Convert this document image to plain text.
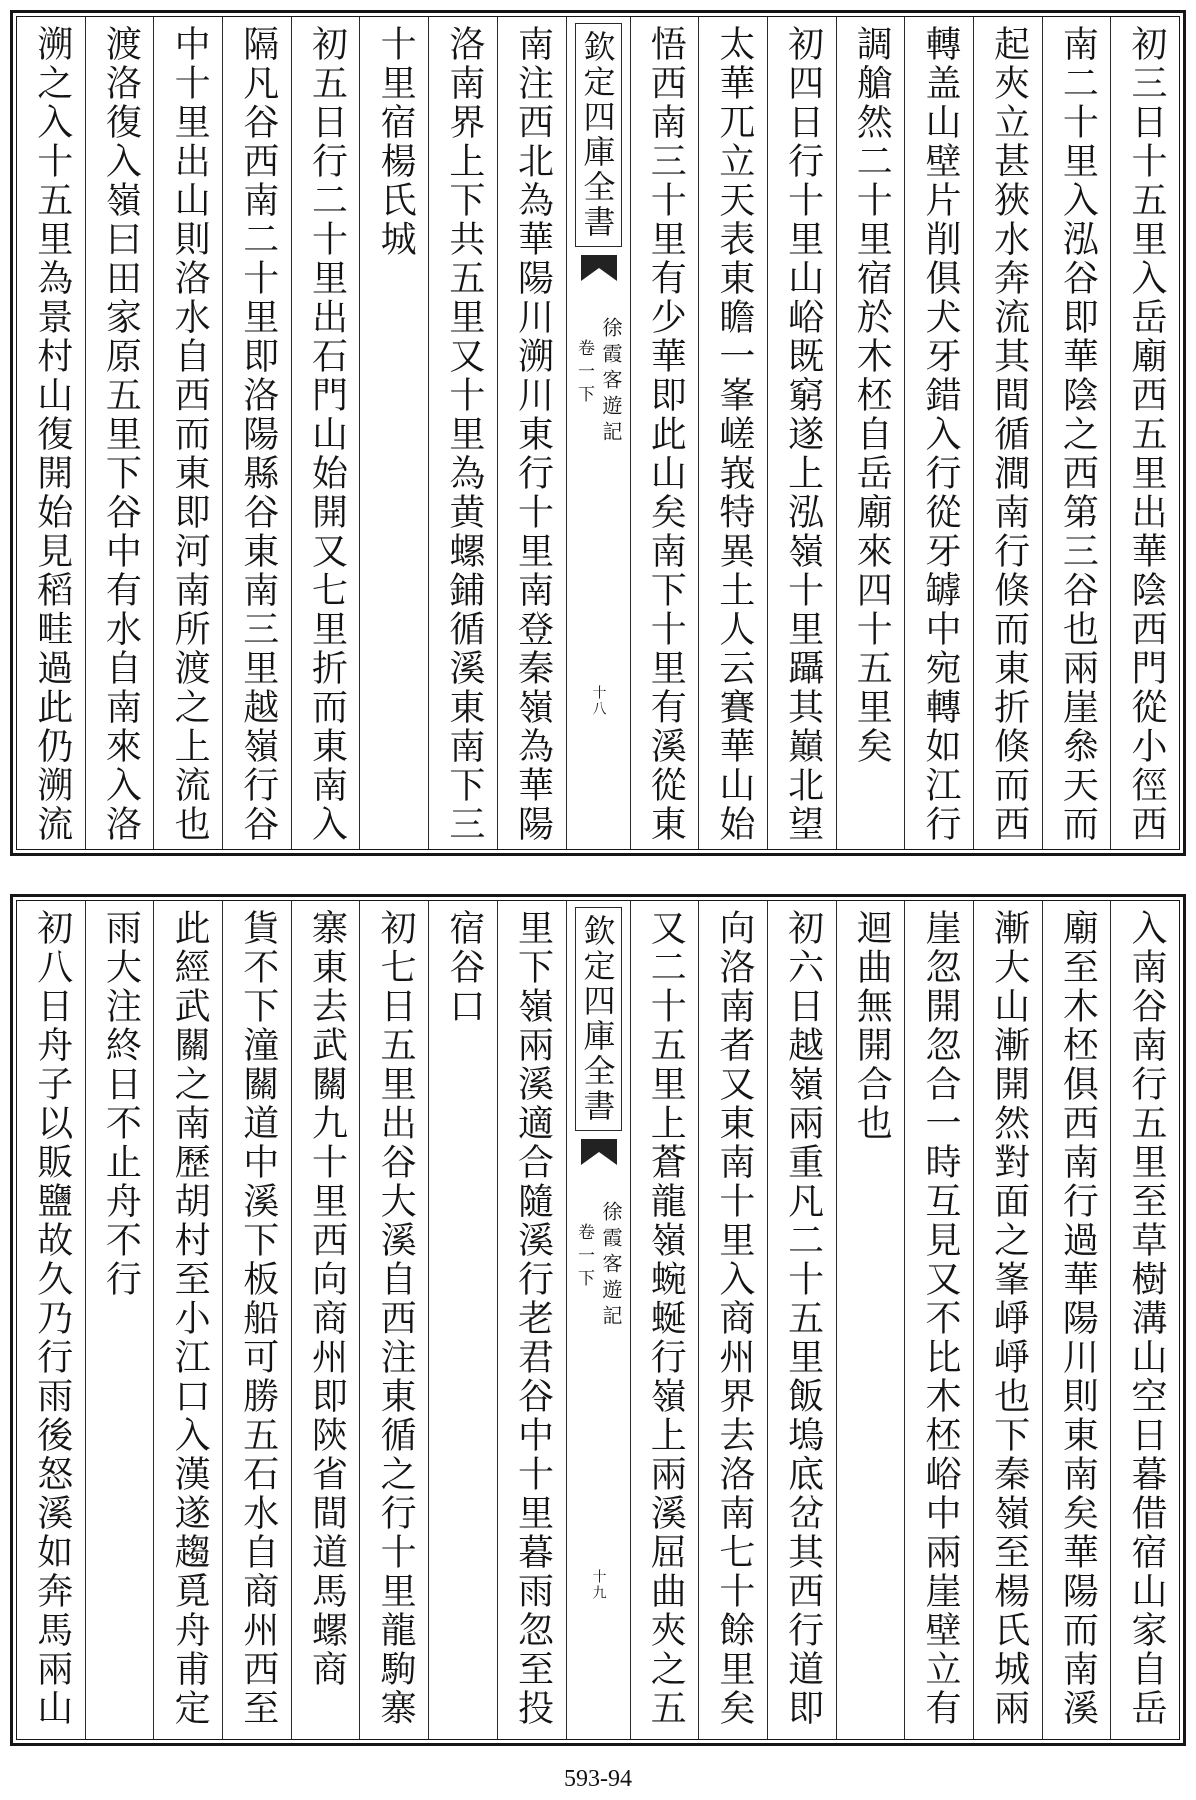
初三日十五里入岳廟西五里出華陰西門從小徑西
南二十里入泓谷即華陰之西第三谷也兩崖叅天而
起夾立甚狹水奔流其間循澗南行倏而東折倏而西
轉盖山壁片削俱犬牙錯入行從牙罅中宛轉如江行
調艙然二十里宿於木柸自岳廟來四十五里矣
初四日行十里山峪既窮遂上泓嶺十里躡其巔北望
太華兀立天表東瞻一峯嵯峩特異土人云賽華山始
悟西南三十里有少華即此山矣南下十里有溪從東
欽定四庫全書
徐霞客遊記
卷一下
十八
南注西北為華陽川溯川東行十里南登秦嶺為華陽
洛南界上下共五里又十里為黄螺鋪循溪東南下三
十里宿楊氏城
初五日行二十里出石門山始開又七里折而東南入
隔凡谷西南二十里即洛陽縣谷東南三里越嶺行谷
中十里出山則洛水自西而東即河南所渡之上流也
渡洛復入嶺曰田家原五里下谷中有水自南來入洛
溯之入十五里為景村山復開始見稻畦過此仍溯流
入南谷南行五里至草樹溝山空日暮借宿山家自岳
廟至木柸俱西南行過華陽川則東南矣華陽而南溪
漸大山漸開然對面之峯崢崢也下秦嶺至楊氏城兩
崖忽開忽合一時互見又不比木柸峪中兩崖壁立有
迴曲無開合也
初六日越嶺兩重凡二十五里飯塢底岔其西行道即
向洛南者又東南十里入商州界去洛南七十餘里矣
又二十五里上蒼龍嶺蜿蜒行嶺上兩溪屈曲夾之五
欽定四庫全書
徐霞客遊記
卷一下
十九
里下嶺兩溪適合隨溪行老君谷中十里暮雨忽至投
宿谷口
初七日五里出谷大溪自西注東循之行十里龍駒寨
寨東去武關九十里西向商州即陝省間道馬螺商
貨不下潼關道中溪下板船可勝五石水自商州西至
此經武關之南歷胡村至小江口入漢遂趨覓舟甫定
雨大注終日不止舟不行
初八日舟子以販鹽故久乃行雨後怒溪如奔馬兩山
593-94
